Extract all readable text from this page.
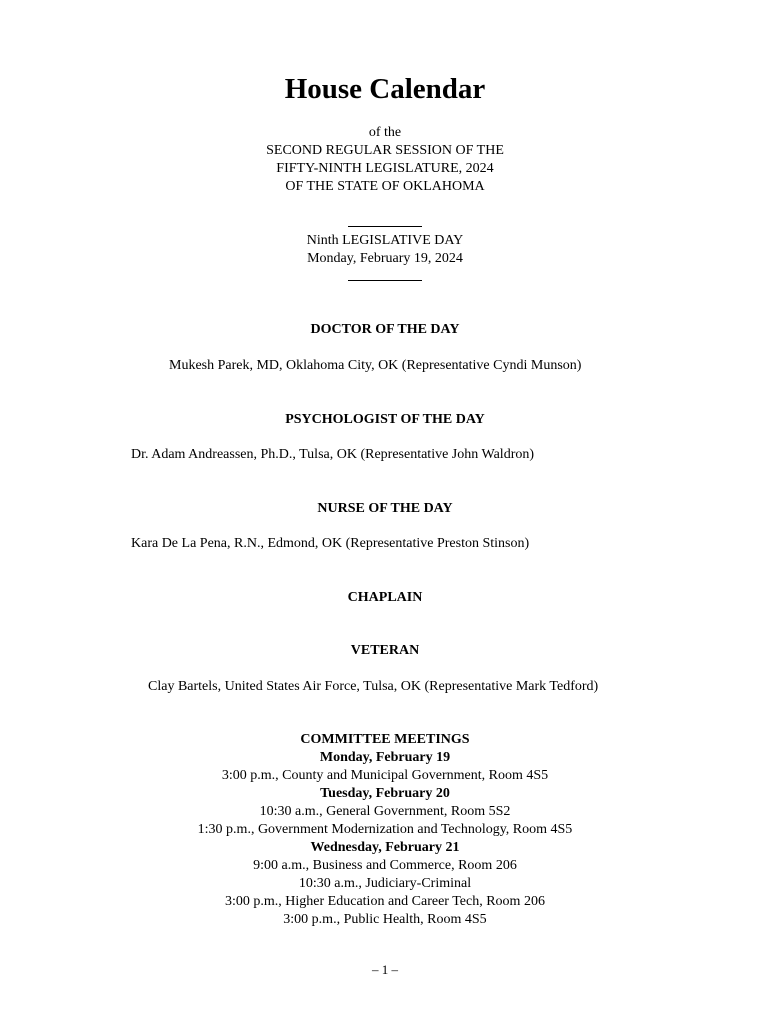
House Calendar
of the
SECOND REGULAR SESSION OF THE
FIFTY-NINTH LEGISLATURE, 2024
OF THE STATE OF OKLAHOMA
Ninth LEGISLATIVE DAY
Monday, February 19, 2024
DOCTOR OF THE DAY
Mukesh Parek, MD, Oklahoma City, OK (Representative Cyndi Munson)
PSYCHOLOGIST OF THE DAY
Dr. Adam Andreassen, Ph.D., Tulsa, OK (Representative John Waldron)
NURSE OF THE DAY
Kara De La Pena, R.N., Edmond, OK (Representative Preston Stinson)
CHAPLAIN
VETERAN
Clay Bartels, United States Air Force, Tulsa, OK (Representative Mark Tedford)
COMMITTEE MEETINGS
Monday, February 19
3:00 p.m., County and Municipal Government, Room 4S5
Tuesday, February 20
10:30 a.m., General Government, Room 5S2
1:30 p.m., Government Modernization and Technology, Room 4S5
Wednesday, February 21
9:00 a.m., Business and Commerce, Room 206
10:30 a.m., Judiciary-Criminal
3:00 p.m., Higher Education and Career Tech, Room 206
3:00 p.m., Public Health, Room 4S5
– 1 –
